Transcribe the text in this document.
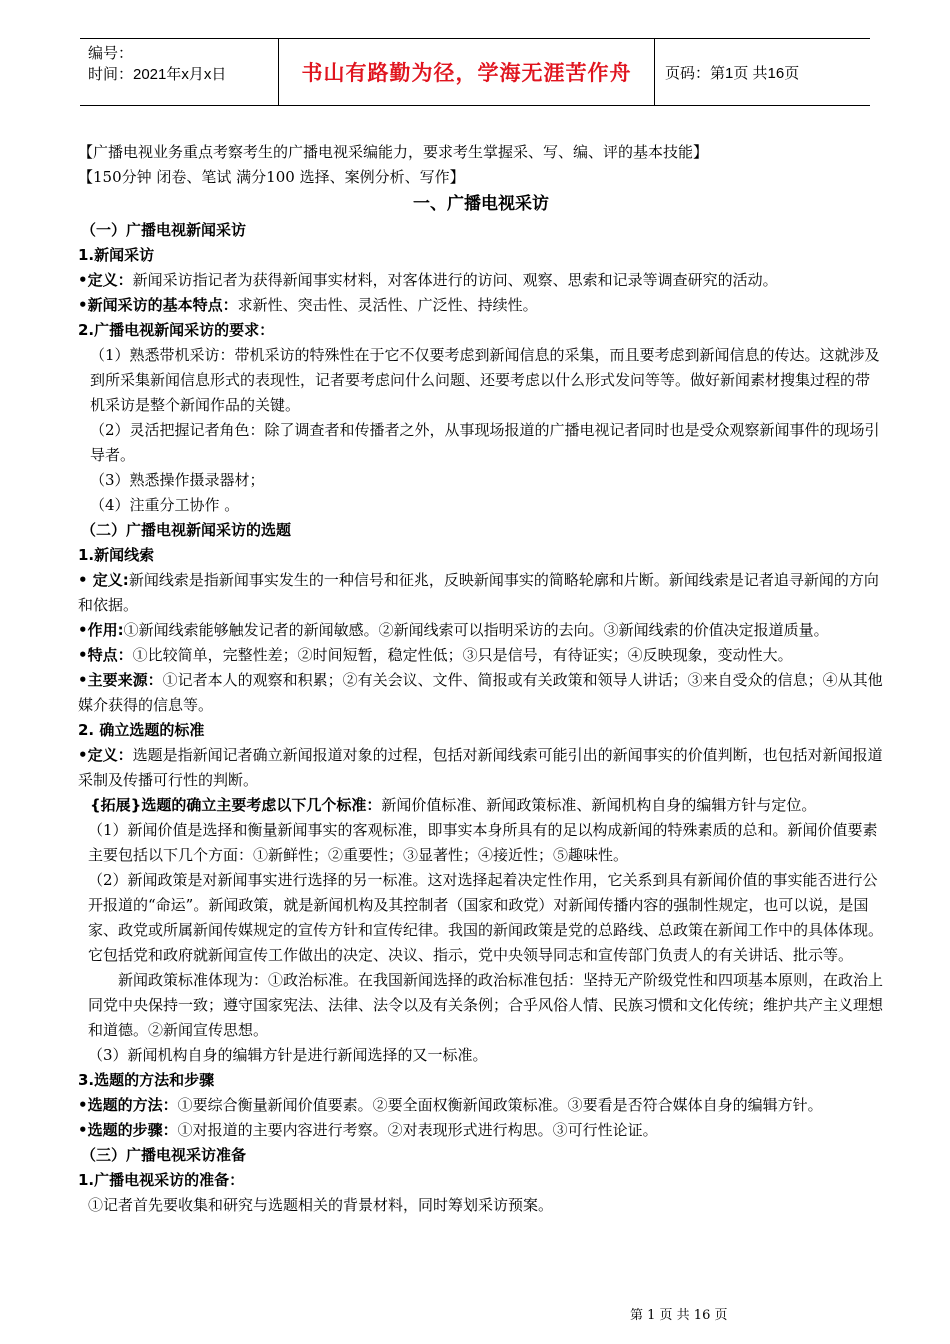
编号：
时间：2021年x月x日	书山有路勤为径，学海无涯苦作舟	页码：第1页 共16页

【广播电视业务重点考察考生的广播电视采编能力，要求考生掌握采、写、编、评的基本技能】

【150分钟 闭卷、笔试 满分100 选择、案例分析、写作】

一、广播电视采访

（一）广播电视新闻采访

1.新闻采访

•定义：新闻采访指记者为获得新闻事实材料，对客体进行的访问、观察、思索和记录等调查研究的活动。

•新闻采访的基本特点：求新性、突击性、灵活性、广泛性、持续性。

2.广播电视新闻采访的要求：

（1）熟悉带机采访：带机采访的特殊性在于它不仅要考虑到新闻信息的采集，而且要考虑到新闻信息的传达。这就涉及到所采集新闻信息形式的表现性，记者要考虑问什么问题、还要考虑以什么形式发问等等。做好新闻素材搜集过程的带机采访是整个新闻作品的关键。

（2）灵活把握记者角色：除了调查者和传播者之外，从事现场报道的广播电视记者同时也是受众观察新闻事件的现场引导者。

（3）熟悉操作摄录器材；

（4）注重分工协作 。

（二）广播电视新闻采访的选题

1.新闻线索

• 定义:新闻线索是指新闻事实发生的一种信号和征兆，反映新闻事实的简略轮廓和片断。新闻线索是记者追寻新闻的方向和依据。

•作用:①新闻线索能够触发记者的新闻敏感。②新闻线索可以指明采访的去向。③新闻线索的价值决定报道质量。

•特点：①比较简单，完整性差；②时间短暂，稳定性低；③只是信号，有待证实；④反映现象，变动性大。

•主要来源：①记者本人的观察和积累；②有关会议、文件、简报或有关政策和领导人讲话；③来自受众的信息；④从其他媒介获得的信息等。

2. 确立选题的标准

•定义：选题是指新闻记者确立新闻报道对象的过程，包括对新闻线索可能引出的新闻事实的价值判断，也包括对新闻报道采制及传播可行性的判断。

{拓展}选题的确立主要考虑以下几个标准：新闻价值标准、新闻政策标准、新闻机构自身的编辑方针与定位。

（1）新闻价值是选择和衡量新闻事实的客观标准，即事实本身所具有的足以构成新闻的特殊素质的总和。新闻价值要素主要包括以下几个方面：①新鲜性；②重要性；③显著性；④接近性；⑤趣味性。

（2）新闻政策是对新闻事实进行选择的另一标准。这对选择起着决定性作用，它关系到具有新闻价值的事实能否进行公开报道的“命运”。新闻政策，就是新闻机构及其控制者（国家和政党）对新闻传播内容的强制性规定，也可以说，是国家、政党或所属新闻传媒规定的宣传方针和宣传纪律。我国的新闻政策是党的总路线、总政策在新闻工作中的具体体现。它包括党和政府就新闻宣传工作做出的决定、决议、指示，党中央领导同志和宣传部门负责人的有关讲话、批示等。

新闻政策标准体现为：①政治标准。在我国新闻选择的政治标准包括：坚持无产阶级党性和四项基本原则，在政治上同党中央保持一致；遵守国家宪法、法律、法令以及有关条例；合乎风俗人情、民族习惯和文化传统；维护共产主义理想和道德。②新闻宣传思想。

（3）新闻机构自身的编辑方针是进行新闻选择的又一标准。

3.选题的方法和步骤

•选题的方法：①要综合衡量新闻价值要素。②要全面权衡新闻政策标准。③要看是否符合媒体自身的编辑方针。

•选题的步骤：①对报道的主要内容进行考察。②对表现形式进行构思。③可行性论证。

（三）广播电视采访准备

1.广播电视采访的准备：

①记者首先要收集和研究与选题相关的背景材料，同时筹划采访预案。

第 1 页 共 16 页
